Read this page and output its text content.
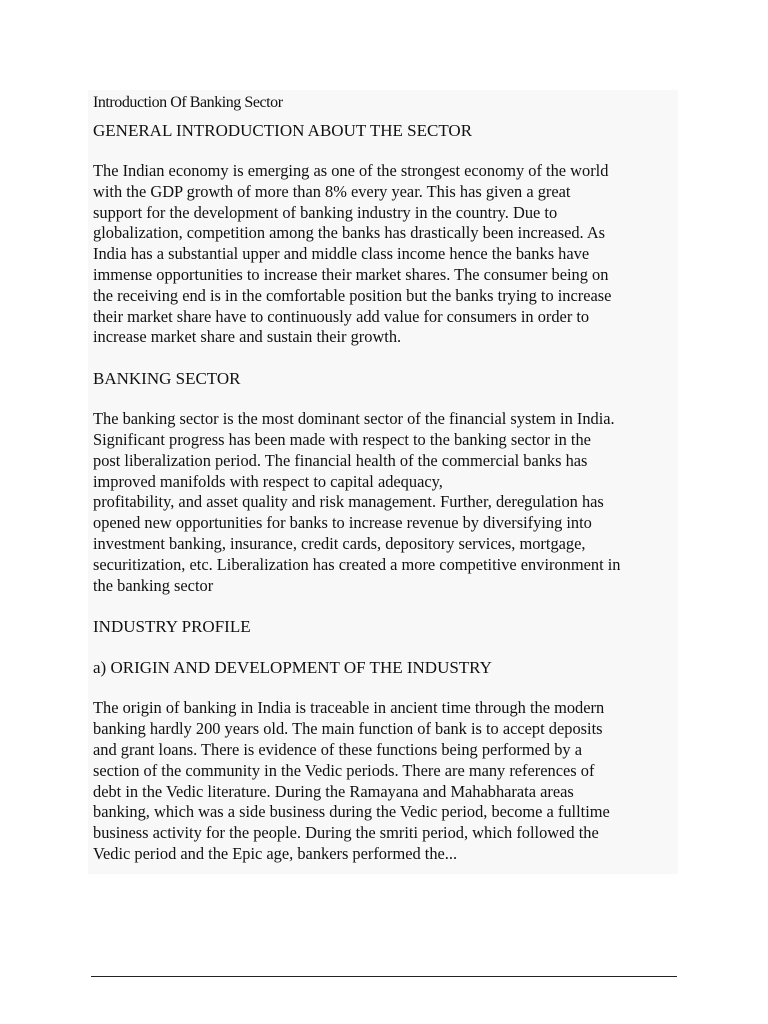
Introduction Of Banking Sector
GENERAL INTRODUCTION ABOUT THE SECTOR
The Indian economy is emerging as one of the strongest economy of the world
with the GDP growth of more than 8% every year. This has given a great
support for the development of banking industry in the country. Due to
globalization, competition among the banks has drastically been increased. As
India has a substantial upper and middle class income hence the banks have
immense opportunities to increase their market shares. The consumer being on
the receiving end is in the comfortable position but the banks trying to increase
their market share have to continuously add value for consumers in order to
increase market share and sustain their growth.
BANKING SECTOR
The banking sector is the most dominant sector of the financial system in India.
Significant progress has been made with respect to the banking sector in the
post liberalization period. The financial health of the commercial banks has
improved manifolds with respect to capital adequacy,
profitability, and asset quality and risk management. Further, deregulation has
opened new opportunities for banks to increase revenue by diversifying into
investment banking, insurance, credit cards, depository services, mortgage,
securitization, etc. Liberalization has created a more competitive environment in
the banking sector
INDUSTRY PROFILE
a) ORIGIN AND DEVELOPMENT OF THE INDUSTRY
The origin of banking in India is traceable in ancient time through the modern
banking hardly 200 years old. The main function of bank is to accept deposits
and grant loans. There is evidence of these functions being performed by a
section of the community in the Vedic periods. There are many references of
debt in the Vedic literature. During the Ramayana and Mahabharata areas
banking, which was a side business during the Vedic period, become a fulltime
business activity for the people. During the smriti period, which followed the
Vedic period and the Epic age, bankers performed the...
